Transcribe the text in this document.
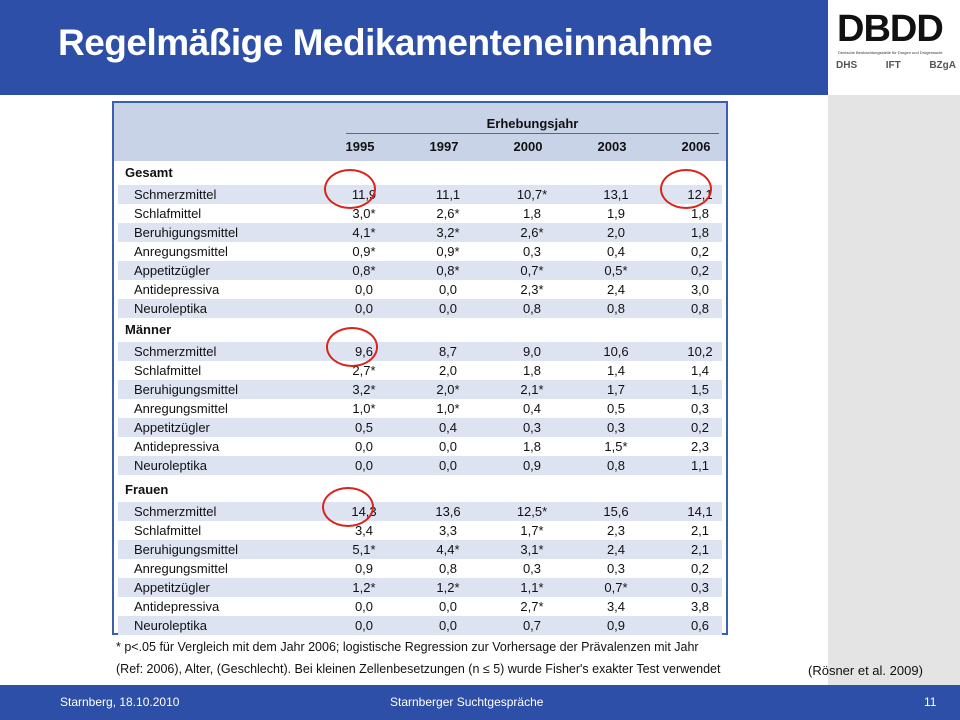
Regelmäßige Medikamenteneinnahme	DBDD
Deutsche Beobachtungsstelle für Drogen und Drogensucht
DHS	IFT	BZgA
Erhebungsjahr
1995	1997	2000	2003	2006
Gesamt
Schmerzmittel	11,9	11,1	10,7*	13,1	12,1
Schlafmittel	3,0*	2,6*	1,8	1,9	1,8
Beruhigungsmittel	4,1*	3,2*	2,6*	2,0	1,8
Anregungsmittel	0,9*	0,9*	0,3	0,4	0,2
Appetitzügler	0,8*	0,8*	0,7*	0,5*	0,2
Antidepressiva	0,0	0,0	2,3*	2,4	3,0
Neuroleptika	0,0	0,0	0,8	0,8	0,8
Männer
Schmerzmittel	9,6	8,7	9,0	10,6	10,2
Schlafmittel	2,7*	2,0	1,8	1,4	1,4
Beruhigungsmittel	3,2*	2,0*	2,1*	1,7	1,5
Anregungsmittel	1,0*	1,0*	0,4	0,5	0,3
Appetitzügler	0,5	0,4	0,3	0,3	0,2
Antidepressiva	0,0	0,0	1,8	1,5*	2,3
Neuroleptika	0,0	0,0	0,9	0,8	1,1
Frauen
Schmerzmittel	14,3	13,6	12,5*	15,6	14,1
Schlafmittel	3,4	3,3	1,7*	2,3	2,1
Beruhigungsmittel	5,1*	4,4*	3,1*	2,4	2,1
Anregungsmittel	0,9	0,8	0,3	0,3	0,2
Appetitzügler	1,2*	1,2*	1,1*	0,7*	0,3
Antidepressiva	0,0	0,0	2,7*	3,4	3,8
Neuroleptika	0,0	0,0	0,7	0,9	0,6
* p<.05 für Vergleich mit dem Jahr 2006; logistische Regression zur Vorhersage der Prävalenzen mit Jahr
(Ref: 2006), Alter, (Geschlecht). Bei kleinen Zellenbesetzungen (n ≤ 5) wurde Fisher's exakter Test verwendet	(Rösner et al. 2009)
Starnberg, 18.10.2010	Starnberger Suchtgespräche	11
